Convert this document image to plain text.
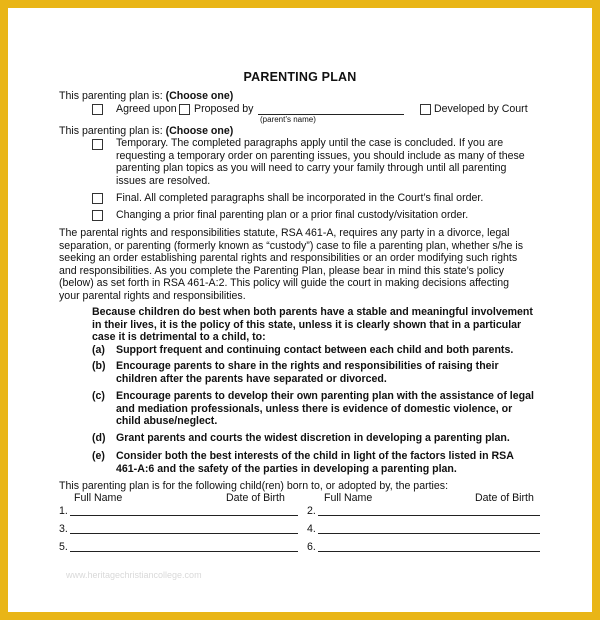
PARENTING PLAN
This parenting plan is: (Choose one)
Agreed upon Proposed by
(parent’s name)
Developed by Court
This parenting plan is: (Choose one)
Temporary. The completed paragraphs apply until the case is concluded. If you are
requesting a temporary order on parenting issues, you should include as many of these
parenting plan topics as you will need to carry your family through until all parenting
issues are resolved.
Final. All completed paragraphs shall be incorporated in the Court’s final order.
Changing a prior final parenting plan or a prior final custody/visitation order.
The parental rights and responsibilities statute, RSA 461-A, requires any party in a divorce, legal
separation, or parenting (formerly known as “custody”) case to file a parenting plan, whether s/he is
seeking an order establishing parental rights and responsibilities or an order modifying such rights
and responsibilities. As you complete the Parenting Plan, please bear in mind this state’s policy
(below) as set forth in RSA 461-A:2. This policy will guide the court in making decisions affecting
your parental rights and responsibilities.
Because children do best when both parents have a stable and meaningful involvement
in their lives, it is the policy of this state, unless it is clearly shown that in a particular
case it is detrimental to a child, to:
(a) Support frequent and continuing contact between each child and both parents.
(b) Encourage parents to share in the rights and responsibilities of raising their
children after the parents have separated or divorced.
(c) Encourage parents to develop their own parenting plan with the assistance of legal
and mediation professionals, unless there is evidence of domestic violence, or
child abuse/neglect.
(d) Grant parents and courts the widest discretion in developing a parenting plan.
(e) Consider both the best interests of the child in light of the factors listed in RSA
461-A:6 and the safety of the parties in developing a parenting plan.
This parenting plan is for the following child(ren) born to, or adopted by, the parties:
Full Name	Date of Birth	Full Name	Date of Birth
1.	2.
3.	4.
5.	6.
www.heritagechristiancollege.com
